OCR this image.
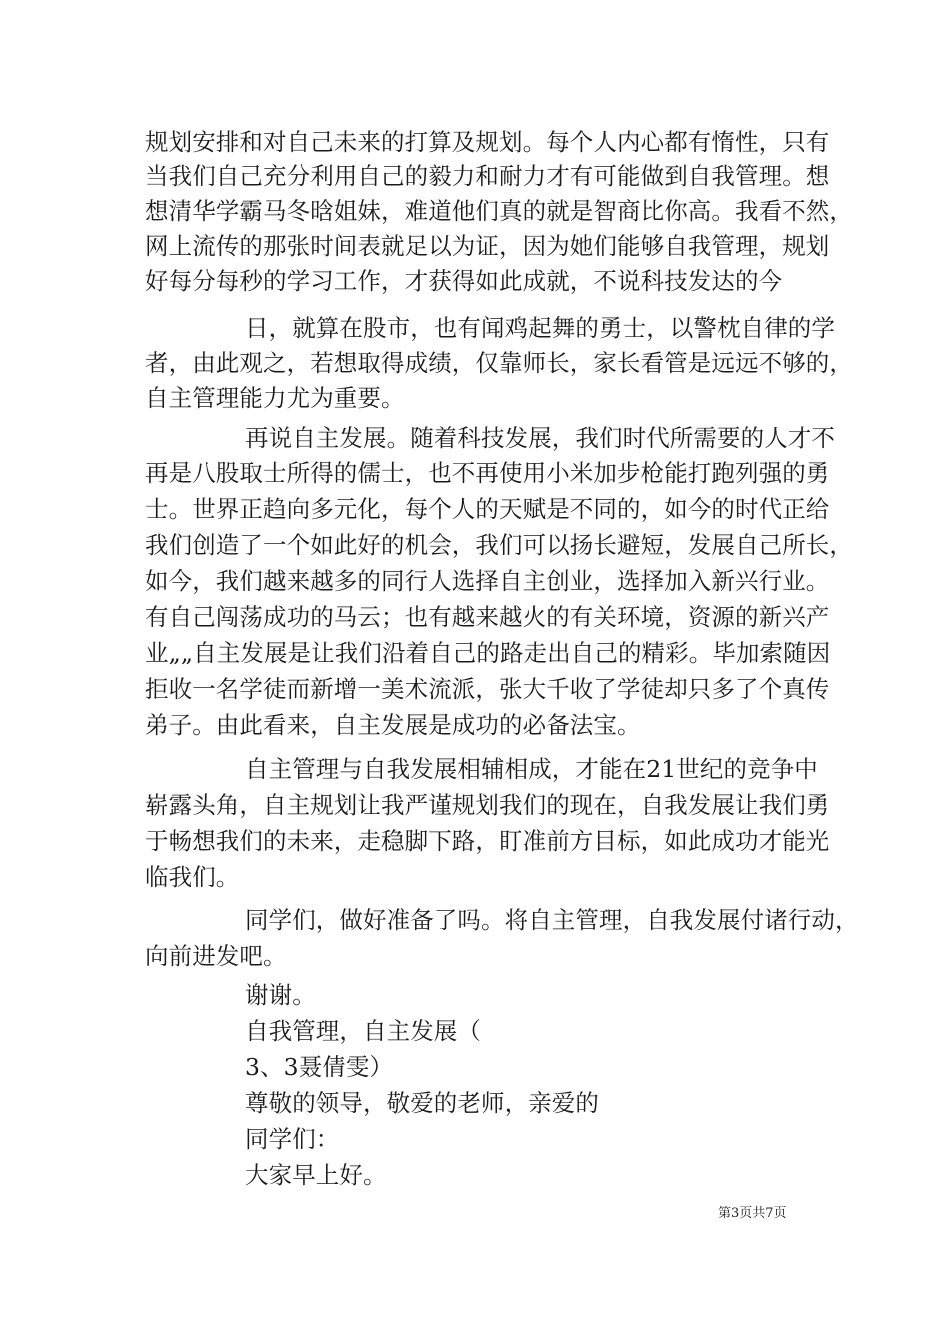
规划安排和对自己未来的打算及规划。每个人内心都有惰性，只有
当我们自己充分利用自己的毅力和耐力才有可能做到自我管理。想
想清华学霸马冬晗姐妹，难道他们真的就是智商比你高。我看不然，
网上流传的那张时间表就足以为证，因为她们能够自我管理，规划
好每分每秒的学习工作，才获得如此成就，不说科技发达的今
日，就算在股市，也有闻鸡起舞的勇士，以警枕自律的学
者，由此观之，若想取得成绩，仅靠师长，家长看管是远远不够的，
自主管理能力尤为重要。
再说自主发展。随着科技发展，我们时代所需要的人才不
再是八股取士所得的儒士，也不再使用小米加步枪能打跑列强的勇
士。世界正趋向多元化，每个人的天赋是不同的，如今的时代正给
我们创造了一个如此好的机会，我们可以扬长避短，发展自己所长，
如今，我们越来越多的同行人选择自主创业，选择加入新兴行业。
有自己闯荡成功的马云；也有越来越火的有关环境，资源的新兴产
业„„自主发展是让我们沿着自己的路走出自己的精彩。毕加索随因
拒收一名学徒而新增一美术流派，张大千收了学徒却只多了个真传
弟子。由此看来，自主发展是成功的必备法宝。
自主管理与自我发展相辅相成，才能在21世纪的竞争中
崭露头角，自主规划让我严谨规划我们的现在，自我发展让我们勇
于畅想我们的未来，走稳脚下路，盯准前方目标，如此成功才能光
临我们。
同学们，做好准备了吗。将自主管理，自我发展付诸行动，
向前进发吧。
谢谢。
自我管理，自主发展（
3、3聂倩雯）
尊敬的领导，敬爱的老师，亲爱的
同学们：
大家早上好。
第3页共7页
